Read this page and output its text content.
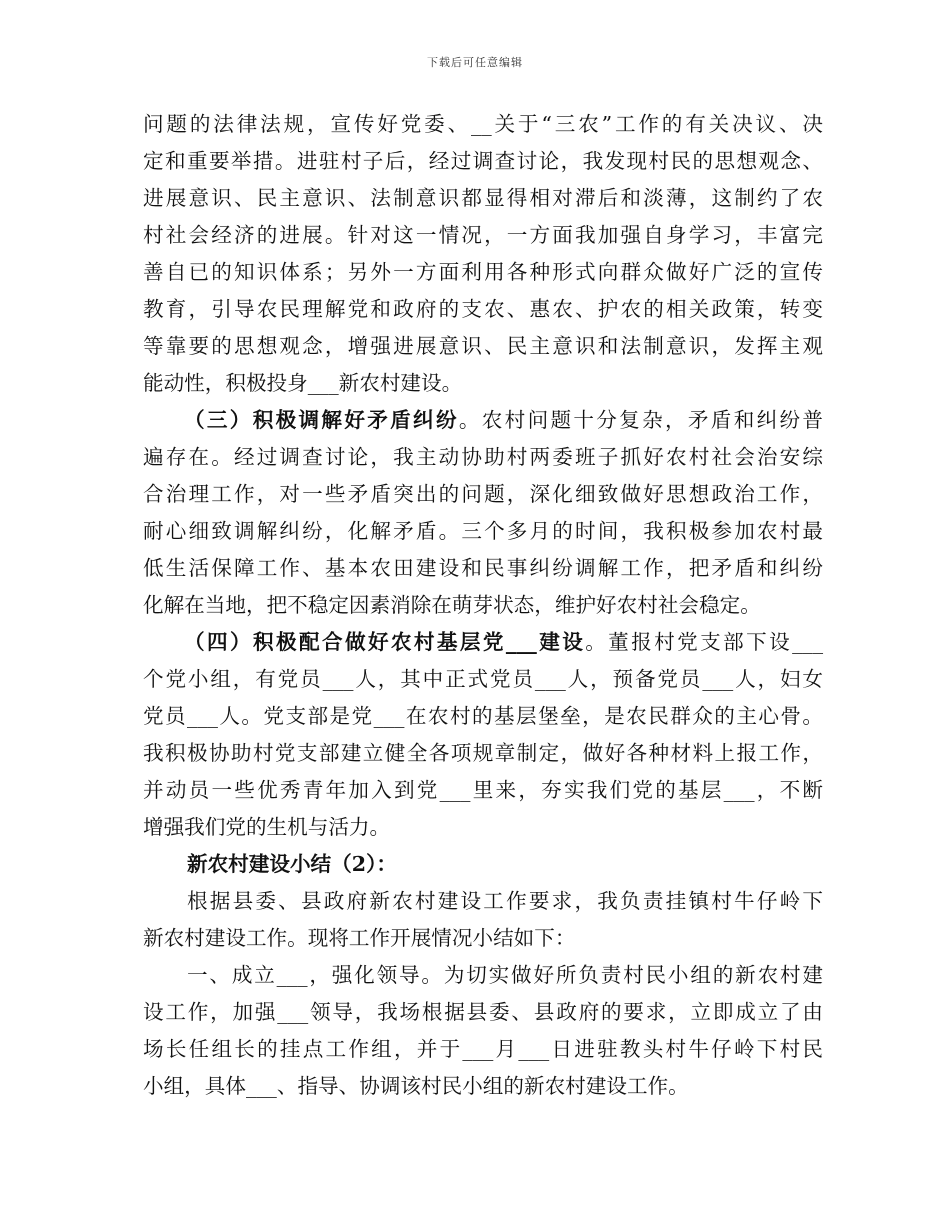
下载后可任意编辑

问题的法律法规，宣传好党委、__关于“三农”工作的有关决议、决
定和重要举措。进驻村子后，经过调查讨论，我发现村民的思想观念、
进展意识、民主意识、法制意识都显得相对滞后和淡薄，这制约了农
村社会经济的进展。针对这一情况，一方面我加强自身学习，丰富完
善自已的知识体系；另外一方面利用各种形式向群众做好广泛的宣传
教育，引导农民理解党和政府的支农、惠农、护农的相关政策，转变
等靠要的思想观念，增强进展意识、民主意识和法制意识，发挥主观
能动性，积极投身___新农村建设。

（三）积极调解好矛盾纠纷。农村问题十分复杂，矛盾和纠纷普
遍存在。经过调查讨论，我主动协助村两委班子抓好农村社会治安综
合治理工作，对一些矛盾突出的问题，深化细致做好思想政治工作，
耐心细致调解纠纷，化解矛盾。三个多月的时间，我积极参加农村最
低生活保障工作、基本农田建设和民事纠纷调解工作，把矛盾和纠纷
化解在当地，把不稳定因素消除在萌芽状态，维护好农村社会稳定。

（四）积极配合做好农村基层党___建设。董报村党支部下设___
个党小组，有党员___人，其中正式党员___人，预备党员___人，妇女
党员___人。党支部是党___在农村的基层堡垒，是农民群众的主心骨。
我积极协助村党支部建立健全各项规章制定，做好各种材料上报工作，
并动员一些优秀青年加入到党___里来，夯实我们党的基层___，不断
增强我们党的生机与活力。

新农村建设小结（2）：

根据县委、县政府新农村建设工作要求，我负责挂镇村牛仔岭下
新农村建设工作。现将工作开展情况小结如下：

一、成立___，强化领导。为切实做好所负责村民小组的新农村建
设工作，加强___领导，我场根据县委、县政府的要求，立即成立了由
场长任组长的挂点工作组，并于___月___日进驻教头村牛仔岭下村民
小组，具体___、指导、协调该村民小组的新农村建设工作。
